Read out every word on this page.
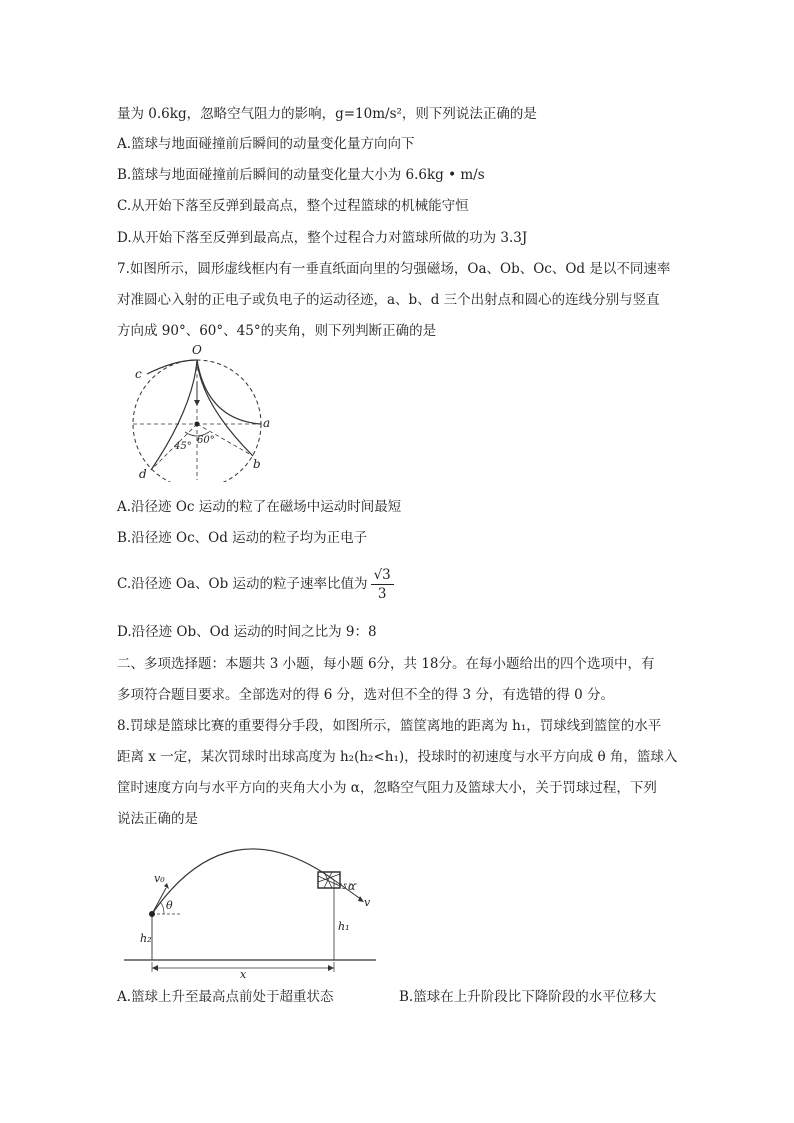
量为 0.6kg，忽略空气阻力的影响，g=10m/s²，则下列说法正确的是
A.篮球与地面碰撞前后瞬间的动量变化量方向向下
B.篮球与地面碰撞前后瞬间的动量变化量大小为 6.6kg • m/s
C.从开始下落至反弹到最高点，整个过程篮球的机械能守恒
D.从开始下落至反弹到最高点，整个过程合力对篮球所做的功为 3.3J
7.如图所示，圆形虚线框内有一垂直纸面向里的匀强磁场，Oa、Ob、Oc、Od 是以不同速率
对准圆心入射的正电子或负电子的运动径迹，a、b、d 三个出射点和圆心的连线分别与竖直
方向成 90°、60°、45°的夹角，则下列判断正确的是
O
a
b
c
d
45°
60°
A.沿径迹 Oc 运动的粒了在磁场中运动时间最短
B.沿径迹 Oc、Od 运动的粒子均为正电子
C.沿径迹 Oa、Ob 运动的粒子速率比值为 $\frac{√3}{3}$
D.沿径迹 Ob、Od 运动的时间之比为 9：8
二、多项选择题：本题共 3 小题，每小题 6分，共 18分。在每小题给出的四个选项中，有
多项符合题目要求。全部选对的得 6 分，选对但不全的得 3 分，有选错的得 0 分。
8.罚球是篮球比赛的重要得分手段，如图所示，篮筐离地的距离为 h₁，罚球线到篮筐的水平
距离 x 一定，某次罚球时出球高度为 h₂(h₂<h₁)，投球时的初速度与水平方向成 θ 角，篮球入
筐时速度方向与水平方向的夹角大小为 α，忽略空气阻力及篮球大小，关于罚球过程，下列
说法正确的是
v₀
θ
α
v
h₁
h₂
x
A.篮球上升至最高点前处于超重状态	B.篮球在上升阶段比下降阶段的水平位移大
